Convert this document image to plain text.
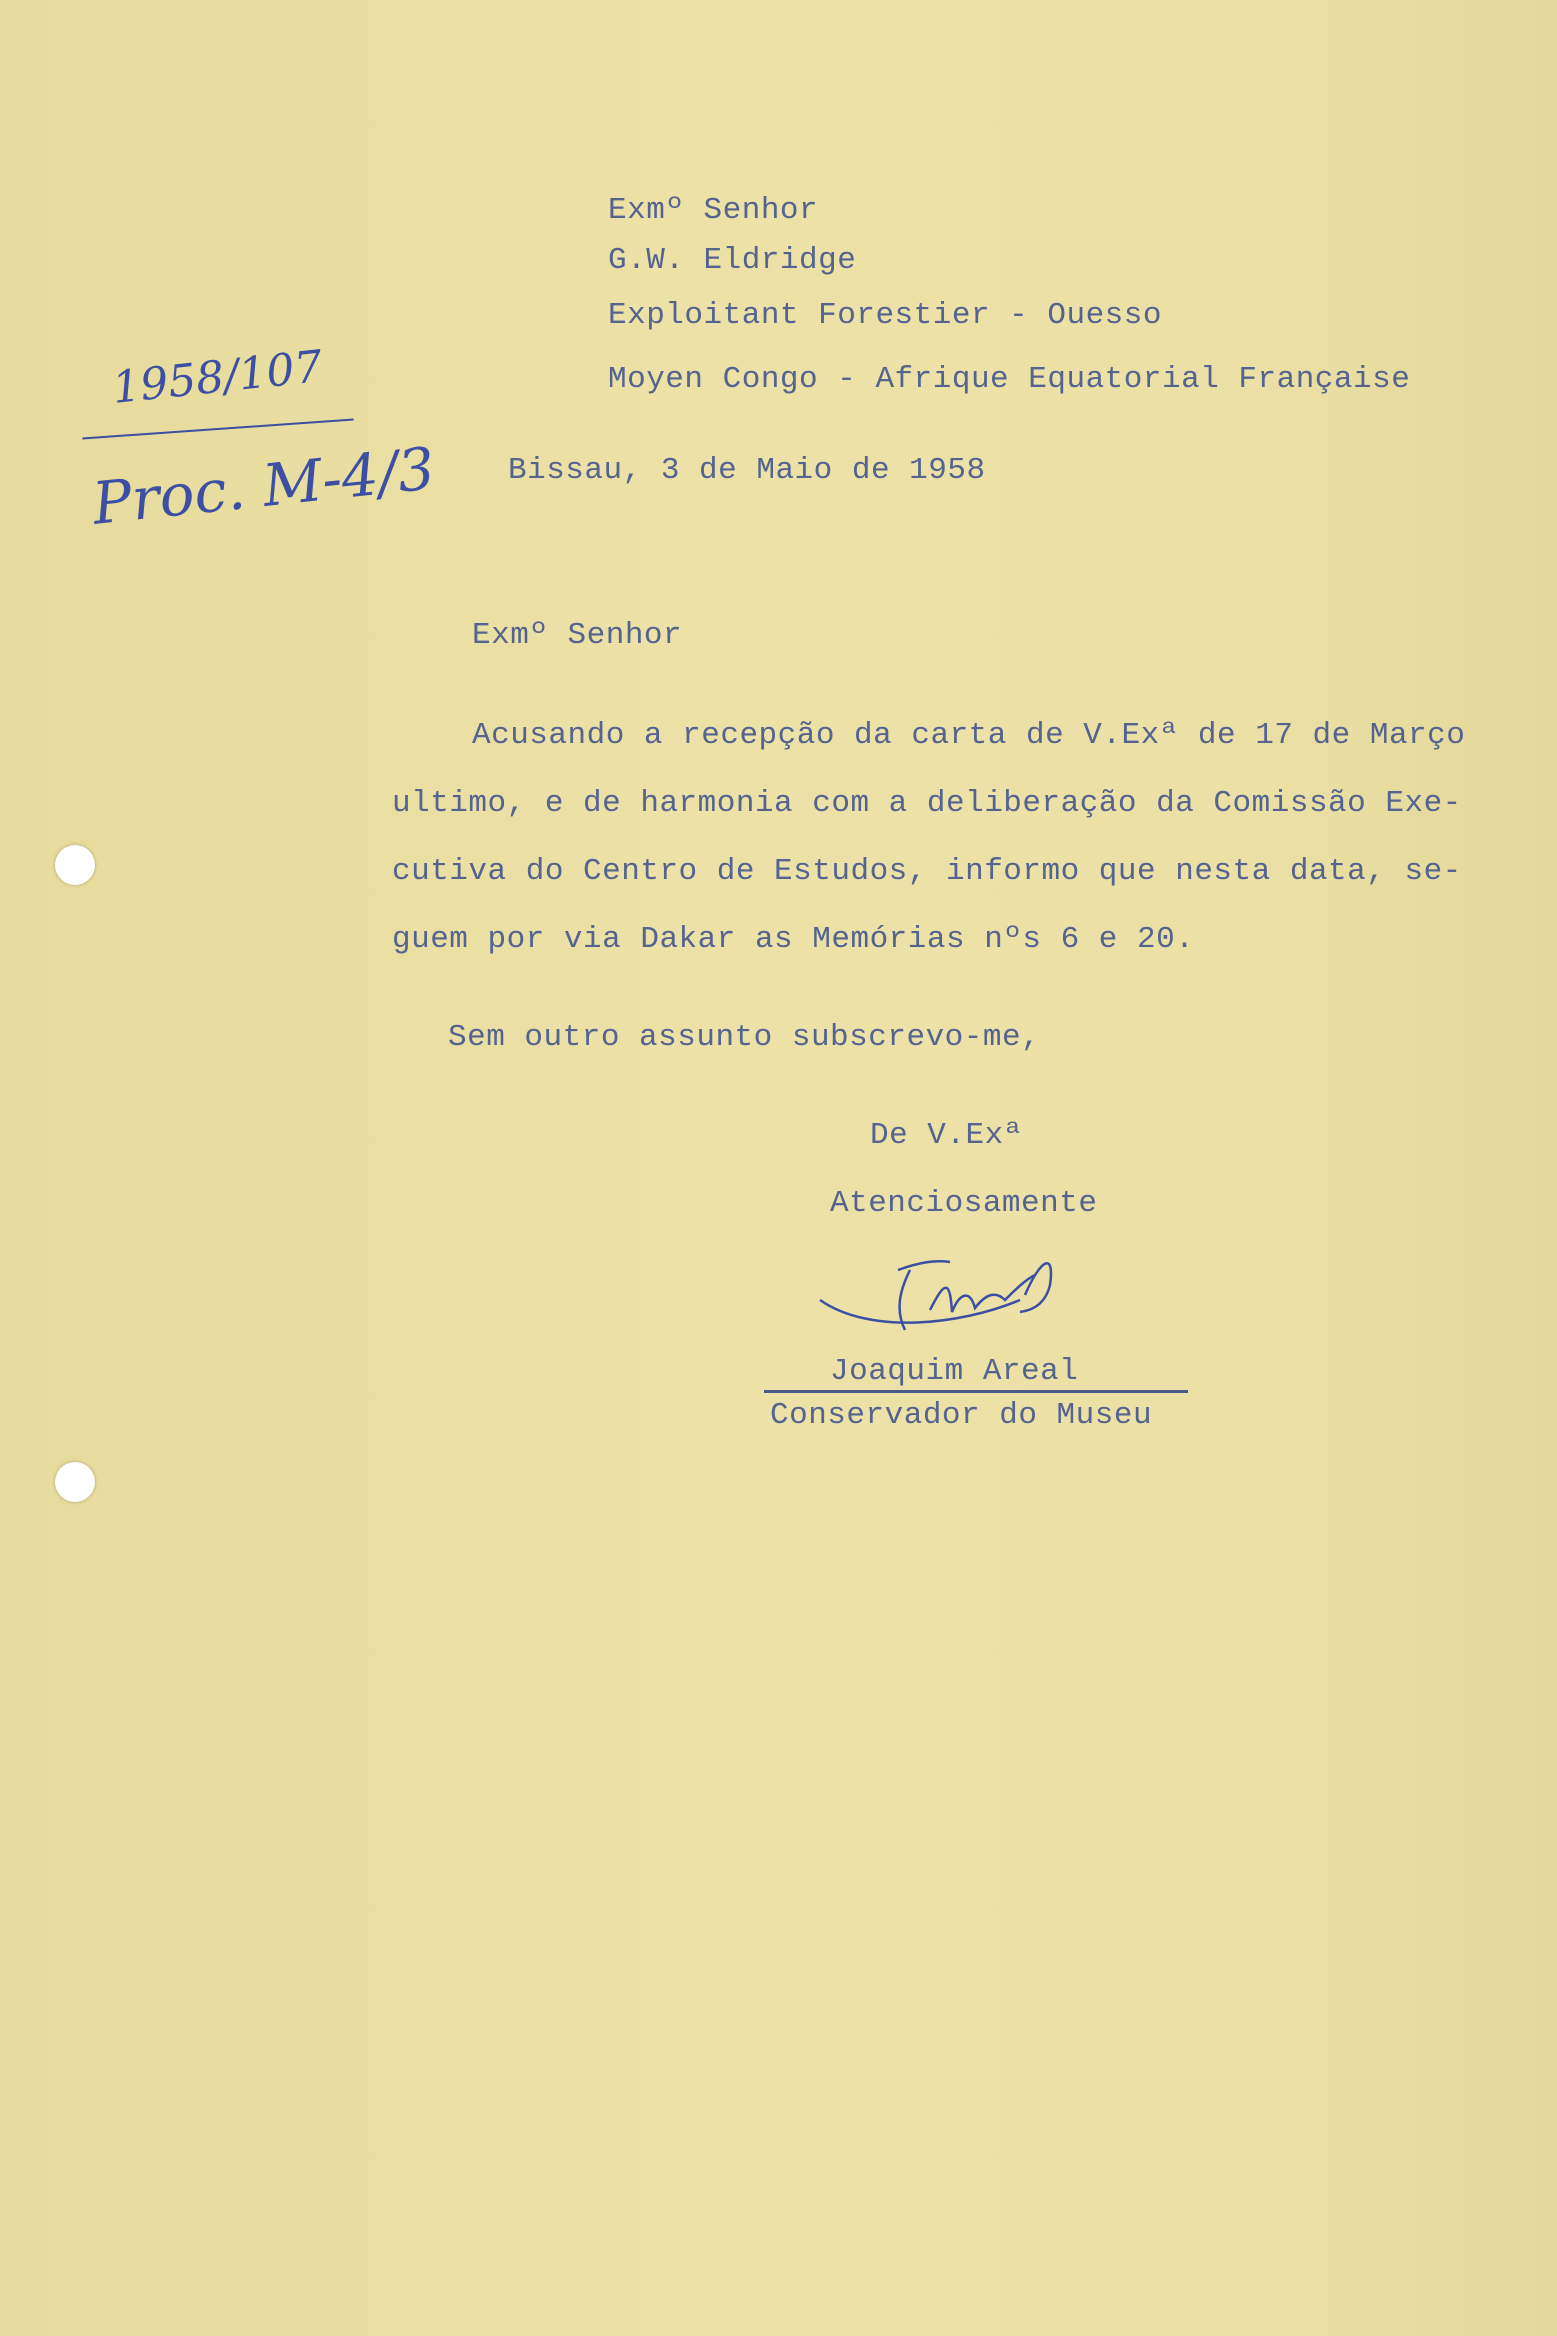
1958/107
Proc. M-4/3
Exmº Senhor
G.W. Eldridge
Exploitant Forestier - Ouesso
Moyen Congo - Afrique Equatorial Française
Bissau, 3 de Maio de 1958
Exmº Senhor
Acusando a recepção da carta de V.Exª de 17 de Março
ultimo, e de harmonia com a deliberação da Comissão Exe-
cutiva do Centro de Estudos, informo que nesta data, se-
guem por via Dakar as Memórias nºs 6 e 20.
Sem outro assunto subscrevo-me,
De V.Exª
Atenciosamente
Joaquim Areal
Conservador do Museu
